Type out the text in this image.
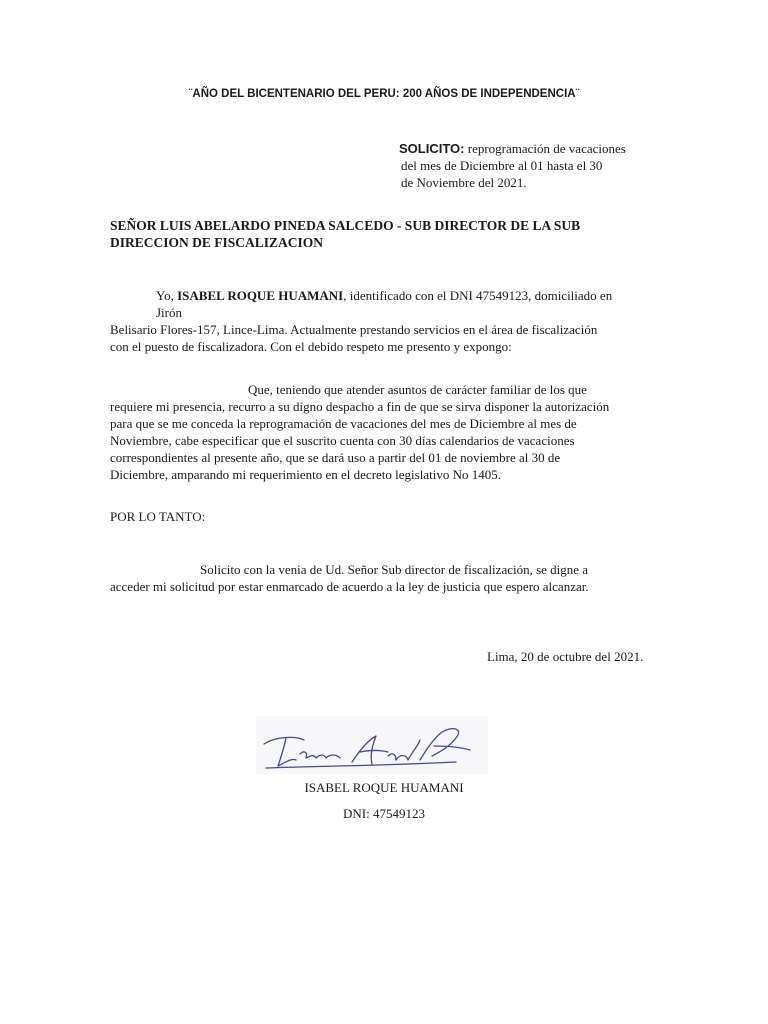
¨AÑO DEL BICENTENARIO DEL PERU: 200 AÑOS DE INDEPENDENCIA¨
SOLICITO: reprogramación de vacaciones
del mes de Diciembre al 01 hasta el 30
de Noviembre del 2021.
SEÑOR LUIS ABELARDO PINEDA SALCEDO - SUB DIRECTOR DE LA SUB
DIRECCION DE FISCALIZACION
Yo, ISABEL ROQUE HUAMANI, identificado con el DNI 47549123, domiciliado en
Jirón
Belisario Flores-157, Lince-Lima. Actualmente prestando servicios en el área de fiscalización
con el puesto de fiscalizadora. Con el debido respeto me presento y expongo:
Que, teniendo que atender asuntos de carácter familiar de los que
requiere mi presencia, recurro a su digno despacho a fin de que se sirva disponer la autorización
para que se me conceda la reprogramación de vacaciones del mes de Diciembre al mes de
Noviembre, cabe especificar que el suscrito cuenta con 30 días calendarios de vacaciones
correspondientes al presente año, que se dará uso a partir del 01 de noviembre al 30 de
Diciembre, amparando mi requerimiento en el decreto legislativo No 1405.
POR LO TANTO:
Solicito con la venia de Ud. Señor Sub director de fiscalización, se digne a
acceder mi solicitud por estar enmarcado de acuerdo a la ley de justicia que espero alcanzar.
Lima, 20 de octubre del 2021.
ISABEL ROQUE HUAMANI
DNI: 47549123
